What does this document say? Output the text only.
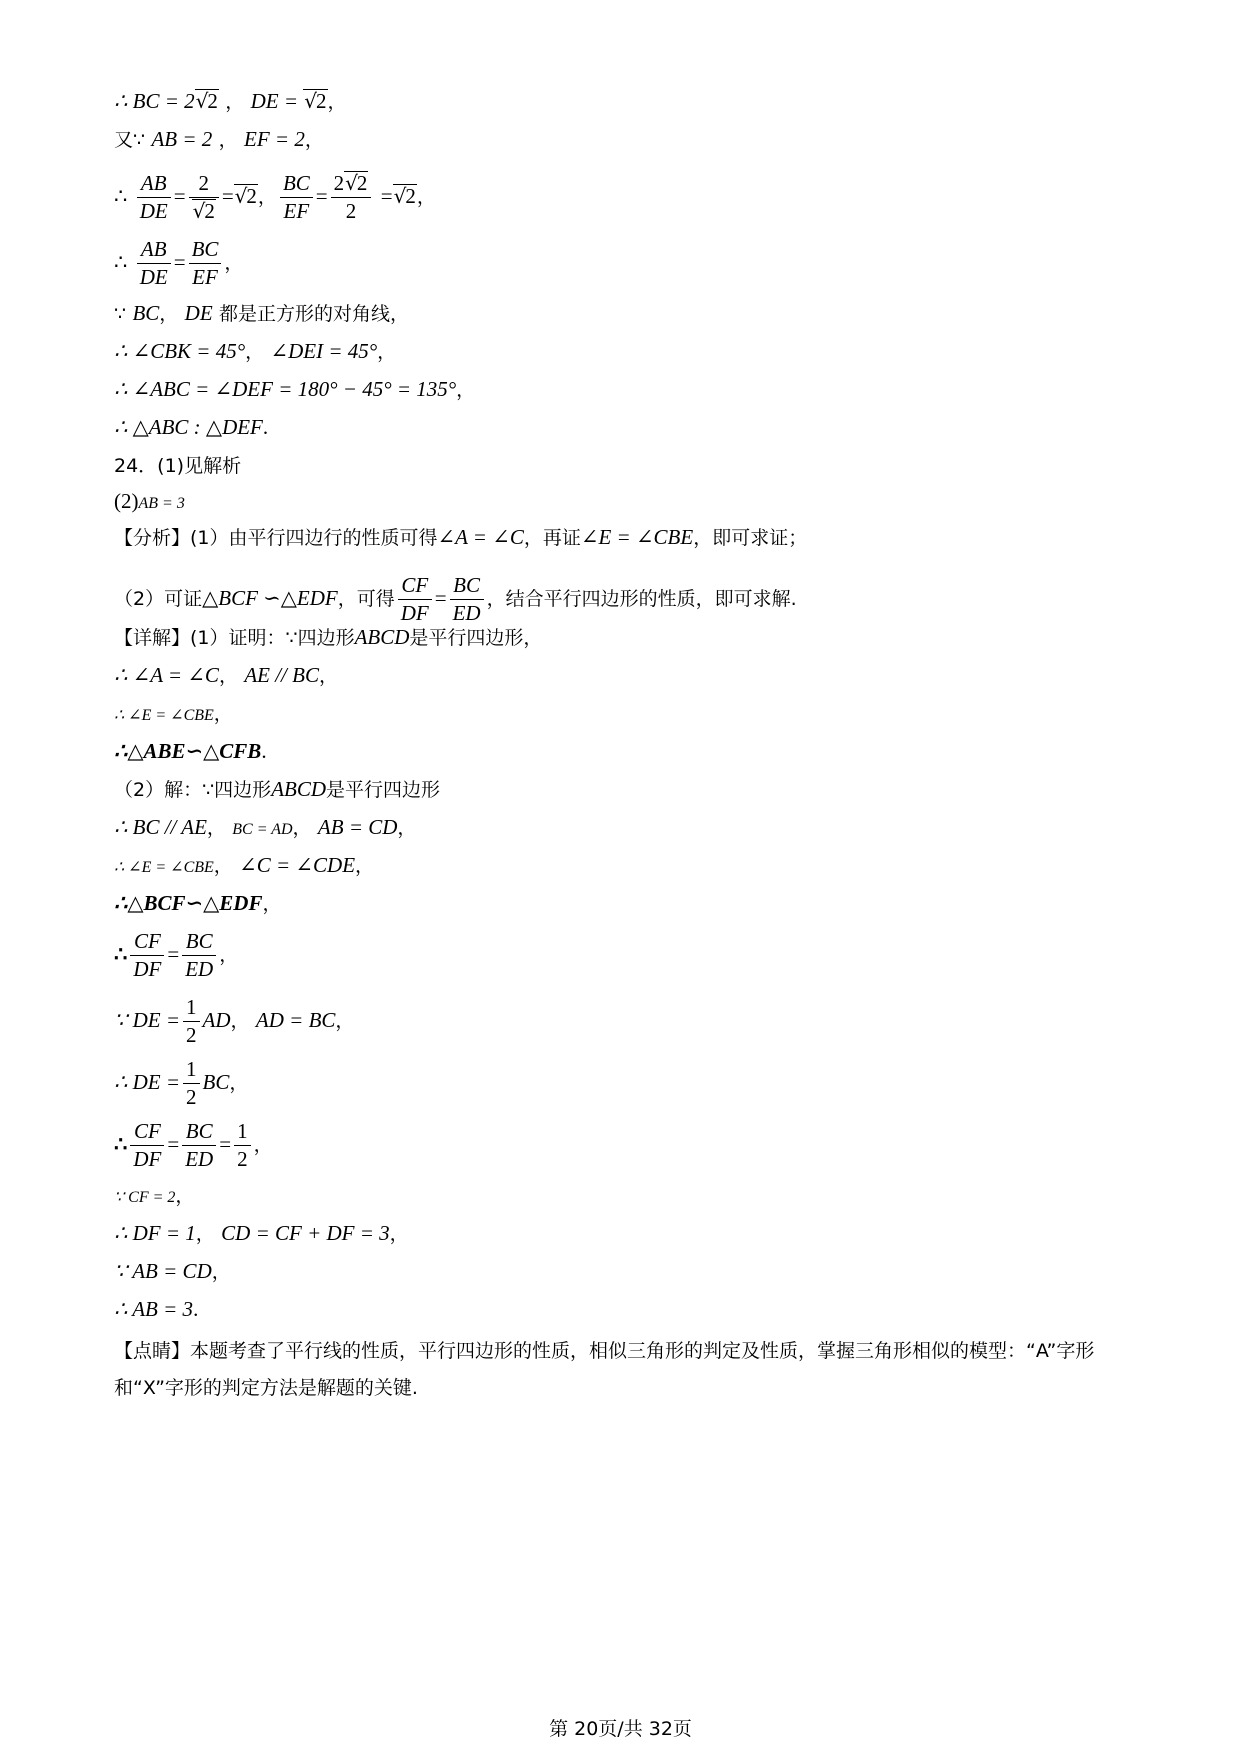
∴ BC = 2√2 ， DE = √2，
又∵ AB = 2 ， EF = 2，
∴ $\frac{AB}{DE} = \frac{2}{√2} =√2$， $\frac{BC}{EF} = \frac{2√2}{2} =√2$，
∴ $\frac{AB}{DE} = \frac{BC}{EF}$ ，
∵ BC， DE 都是正方形的对角线，
∴ ∠CBK = 45°， ∠DEI = 45°，
∴ ∠ABC = ∠DEF = 180° − 45° = 135°，
∴ △ABC : △DEF.
24．(1)见解析
(2)AB = 3
【分析】(1）由平行四边行的性质可得∠A = ∠C，再证∠E = ∠CBE，即可求证；
（2）可证△BCF ∽△EDF，可得 $\frac{CF}{DF} = \frac{BC}{ED}$ ，结合平行四边形的性质，即可求解.
【详解】(1）证明：∵四边形ABCD是平行四边形，
∴ ∠A = ∠C， AE // BC，
∴ ∠E = ∠CBE，
∴△ABE∽△CFB.
（2）解：∵四边形ABCD是平行四边形
∴ BC // AE， BC = AD， AB = CD，
∴ ∠E = ∠CBE， ∠C = ∠CDE，
∴△BCF∽△EDF，
∴ $\frac{CF}{DF} = \frac{BC}{ED}$ ，
∵ DE = $\frac{1}{2}$ AD， AD = BC，
∴ DE = $\frac{1}{2}$ BC，
∴ $\frac{CF}{DF} = \frac{BC}{ED} = \frac{1}{2}$ ，
∵ CF = 2，
∴ DF = 1， CD = CF + DF = 3，
∵ AB = CD，
∴ AB = 3.
【点睛】本题考查了平行线的性质，平行四边形的性质，相似三角形的判定及性质，掌握三角形相似的模型：“A”字形和“X”字形的判定方法是解题的关键.
第 20页/共 32页
